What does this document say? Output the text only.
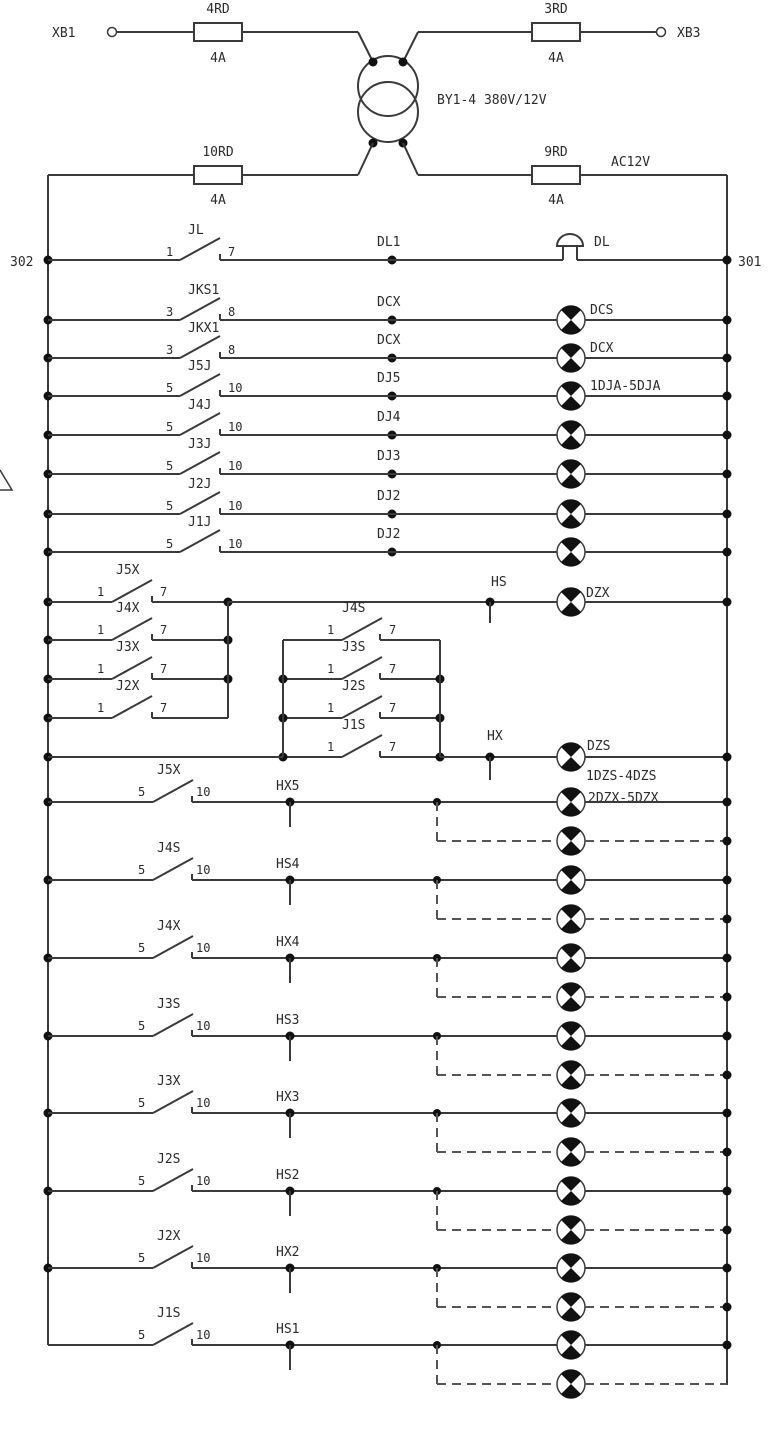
XB1
4RD
4A
XB3
3RD
4A
BY1-4 380V/12V
10RD
4A
9RD
4A
AC12V
302	301
JL
1	7
DL1	DL
JKS1
3	8
DCX
DCS
JKX1
3	8
DCX
DCX
J5J
5	10
DJ5
1DJA-5DJA
J4J
5	10
DJ4
J3J
5	10
DJ3
J2J
5	10
DJ2
J1J
5	10
DJ2
J5X
1	7
J4X
1	7
J3X
1	7
J2X
1	7
HS
DZX
J4S
1	7
J3S
1	7
J2S
1	7
J1S
1	7
HX
DZS
1DZS-4DZS
2DZX-5DZX
J5X
5	10	HX5
J4S
5	10	HS4
J4X
5	10	HX4
J3S
5	10	HS3
J3X
5	10	HX3
J2S
5	10	HS2
J2X
5	10	HX2
J1S
5	10	HS1
